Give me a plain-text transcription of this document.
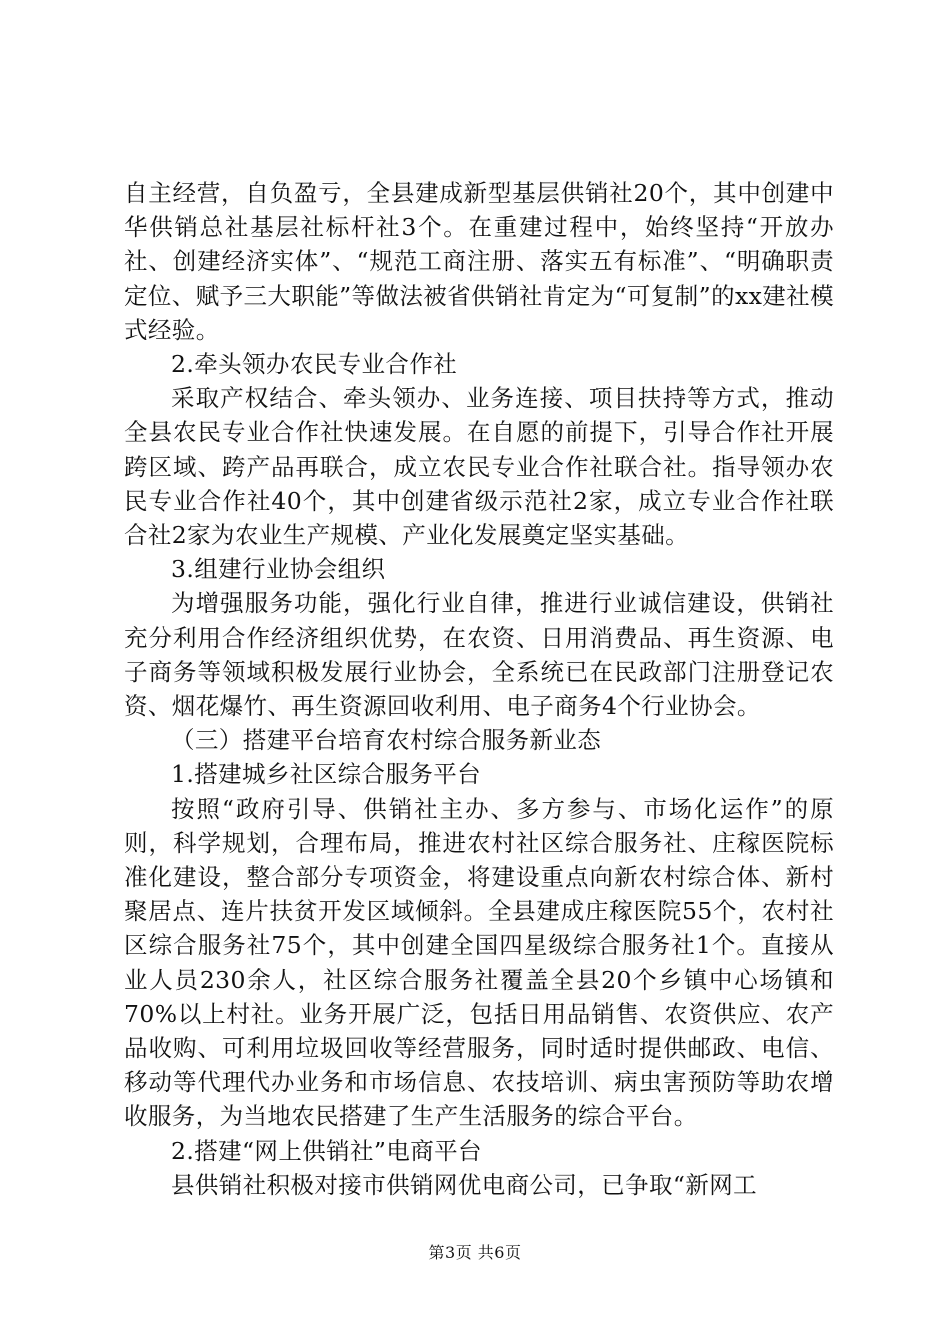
自主经营，自负盈亏，全县建成新型基层供销社20个，其中创建中华供销总社基层社标杆社3个。在重建过程中，始终坚持“开放办社、创建经济实体”、“规范工商注册、落实五有标准”、“明确职责定位、赋予三大职能”等做法被省供销社肯定为“可复制”的xx建社模式经验。

2.牵头领办农民专业合作社

采取产权结合、牵头领办、业务连接、项目扶持等方式，推动全县农民专业合作社快速发展。在自愿的前提下，引导合作社开展跨区域、跨产品再联合，成立农民专业合作社联合社。指导领办农民专业合作社40个，其中创建省级示范社2家，成立专业合作社联合社2家为农业生产规模、产业化发展奠定坚实基础。

3.组建行业协会组织

为增强服务功能，强化行业自律，推进行业诚信建设，供销社充分利用合作经济组织优势，在农资、日用消费品、再生资源、电子商务等领域积极发展行业协会，全系统已在民政部门注册登记农资、烟花爆竹、再生资源回收利用、电子商务4个行业协会。

（三）搭建平台培育农村综合服务新业态

1.搭建城乡社区综合服务平台

按照“政府引导、供销社主办、多方参与、市场化运作”的原则，科学规划，合理布局，推进农村社区综合服务社、庄稼医院标准化建设，整合部分专项资金，将建设重点向新农村综合体、新村聚居点、连片扶贫开发区域倾斜。全县建成庄稼医院55个，农村社区综合服务社75个，其中创建全国四星级综合服务社1个。直接从业人员230余人，社区综合服务社覆盖全县20个乡镇中心场镇和70%以上村社。业务开展广泛，包括日用品销售、农资供应、农产品收购、可利用垃圾回收等经营服务，同时适时提供邮政、电信、移动等代理代办业务和市场信息、农技培训、病虫害预防等助农增收服务，为当地农民搭建了生产生活服务的综合平台。

2.搭建“网上供销社”电商平台

县供销社积极对接市供销网优电商公司，已争取“新网工

第3页 共6页
